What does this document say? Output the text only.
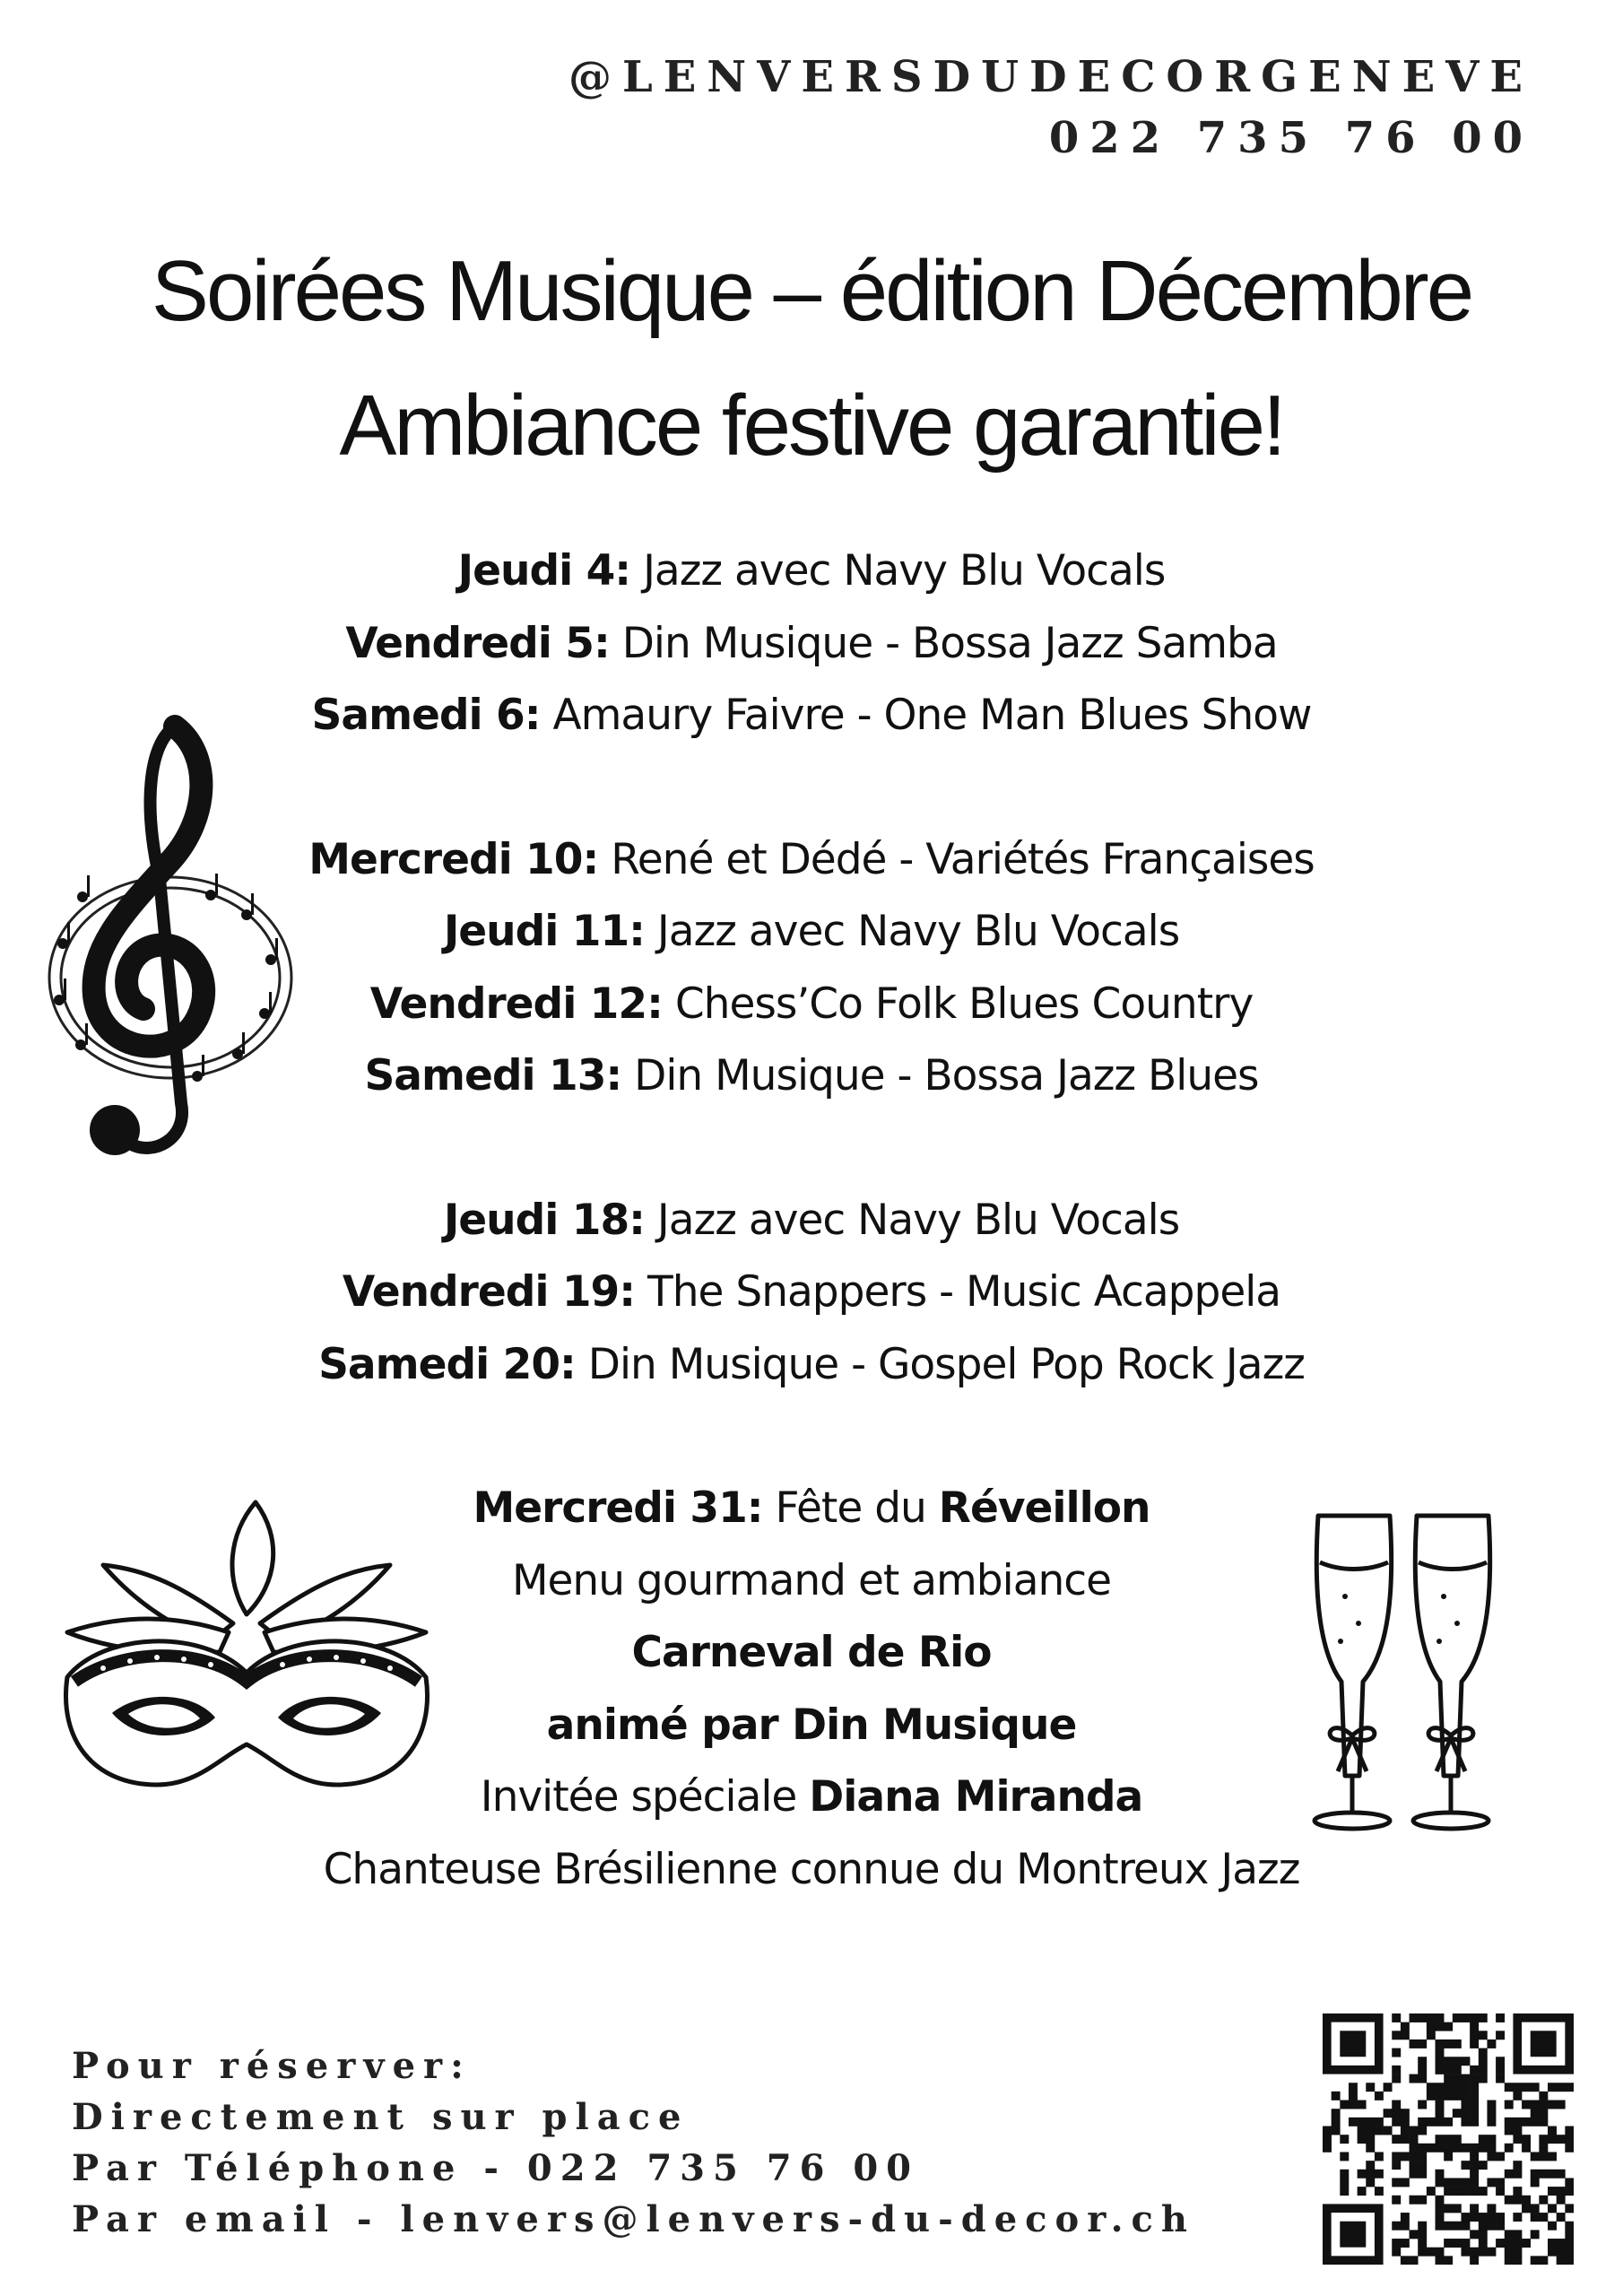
@LENVERSDUDECORGENEVE
022 735 76 00
Soirées Musique – édition Décembre
Ambiance festive garantie!
Jeudi 4: Jazz avec Navy Blu Vocals
Vendredi 5: Din Musique - Bossa Jazz Samba
Samedi 6: Amaury Faivre - One Man Blues Show
Mercredi 10: René et Dédé - Variétés Françaises
Jeudi 11: Jazz avec Navy Blu Vocals
Vendredi 12: Chess’Co Folk Blues Country
Samedi 13: Din Musique - Bossa Jazz Blues
Jeudi 18: Jazz avec Navy Blu Vocals
Vendredi 19: The Snappers - Music Acappela
Samedi 20: Din Musique - Gospel Pop Rock Jazz
Mercredi 31: Fête du Réveillon
Menu gourmand et ambiance
Carneval de Rio
animé par Din Musique
Invitée spéciale Diana Miranda
Chanteuse Brésilienne connue du Montreux Jazz
Pour réserver:
Directement sur place
Par Téléphone - 022 735 76 00
Par email - lenvers@lenvers-du-decor.ch
